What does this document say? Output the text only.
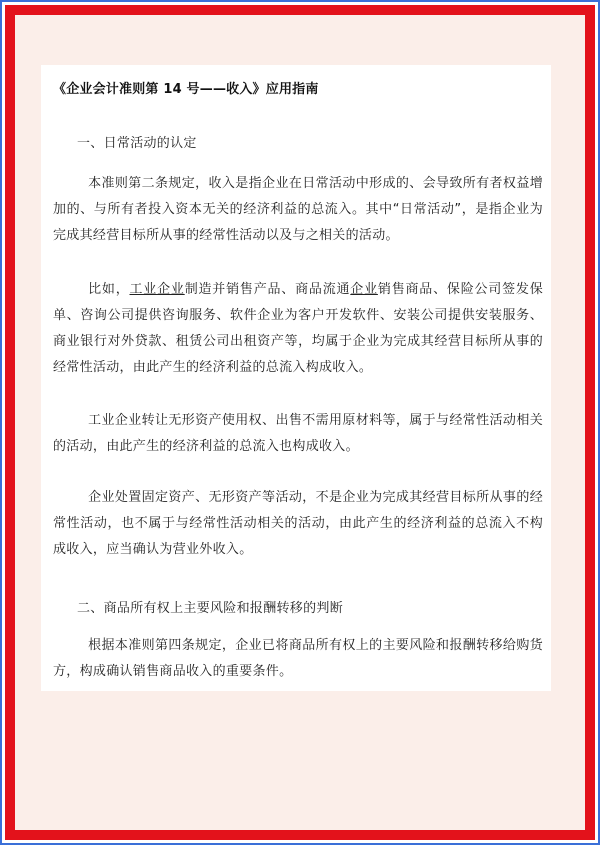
《企业会计准则第 14 号——收入》应用指南
一、日常活动的认定
本准则第二条规定，收入是指企业在日常活动中形成的、会导致所有者权益增加的、与所有者投入资本无关的经济利益的总流入。其中“日常活动”，是指企业为完成其经营目标所从事的经常性活动以及与之相关的活动。
比如，工业企业制造并销售产品、商品流通企业销售商品、保险公司签发保单、咨询公司提供咨询服务、软件企业为客户开发软件、安装公司提供安装服务、商业银行对外贷款、租赁公司出租资产等，均属于企业为完成其经营目标所从事的经常性活动，由此产生的经济利益的总流入构成收入。
工业企业转让无形资产使用权、出售不需用原材料等，属于与经常性活动相关的活动，由此产生的经济利益的总流入也构成收入。
企业处置固定资产、无形资产等活动，不是企业为完成其经营目标所从事的经常性活动，也不属于与经常性活动相关的活动，由此产生的经济利益的总流入不构成收入，应当确认为营业外收入。
二、商品所有权上主要风险和报酬转移的判断
根据本准则第四条规定，企业已将商品所有权上的主要风险和报酬转移给购货方，构成确认销售商品收入的重要条件。
